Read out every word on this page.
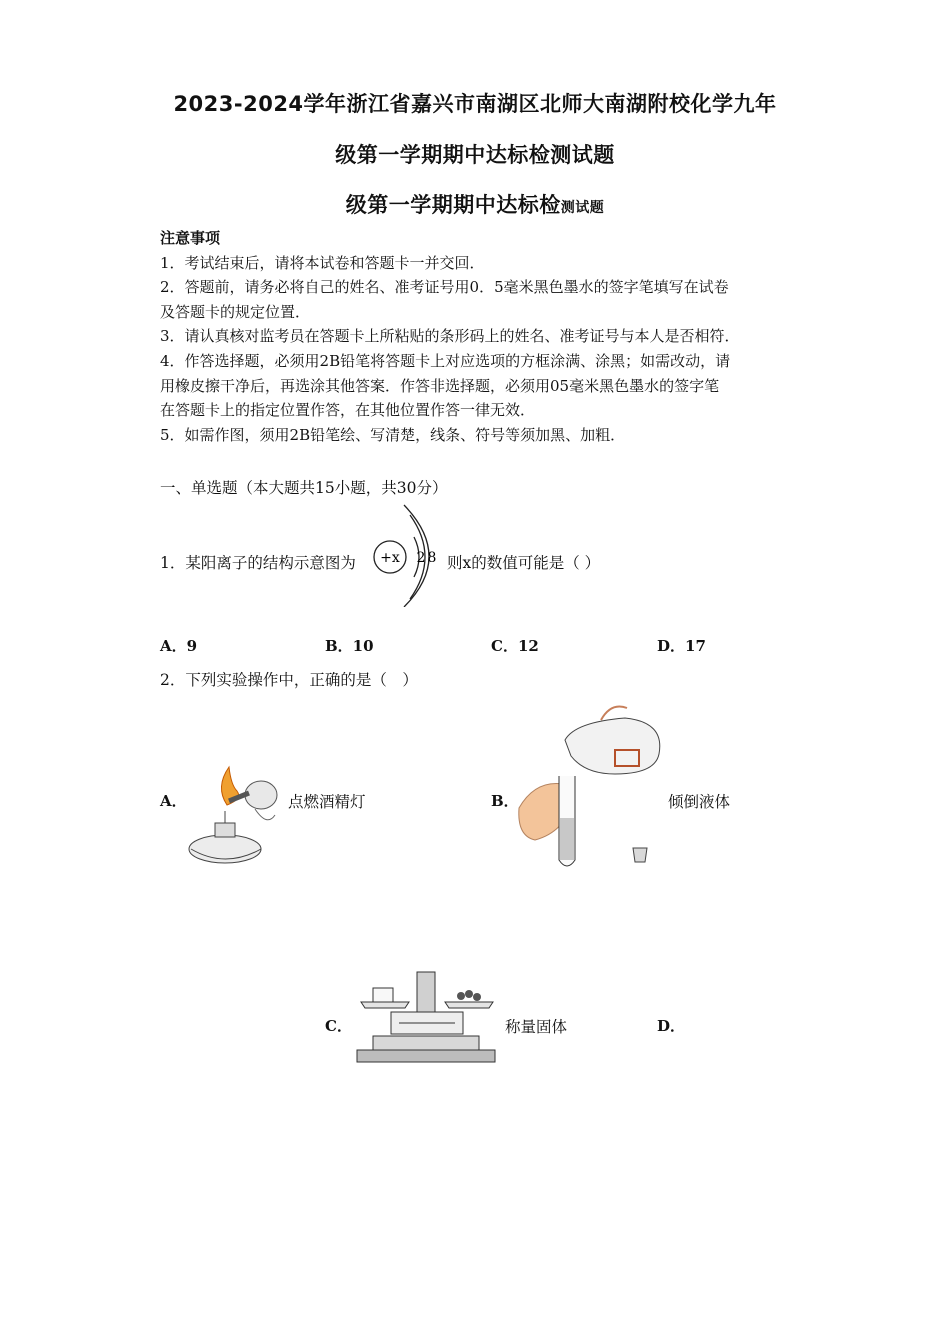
2023-2024学年浙江省嘉兴市南湖区北师大南湖附校化学九年
级第一学期期中达标检测试题
级第一学期期中达标检测试题
注意事项
1．考试结束后，请将本试卷和答题卡一并交回．
2．答题前，请务必将自己的姓名、准考证号用0．5毫米黑色墨水的签字笔填写在试卷
及答题卡的规定位置．
3．请认真核对监考员在答题卡上所粘贴的条形码上的姓名、准考证号与本人是否相符．
4．作答选择题，必须用2B铅笔将答题卡上对应选项的方框涂满、涂黑；如需改动，请
用橡皮擦干净后，再选涂其他答案．作答非选择题，必须用05毫米黑色墨水的签字笔
在答题卡上的指定位置作答，在其他位置作答一律无效．
5．如需作图，须用2B铅笔绘、写清楚，线条、符号等须加黑、加粗．
一、单选题（本大题共15小题，共30分）
1．某阳离子的结构示意图为 +x 2 8 则x的数值可能是（ ）
A．9	B．10	C．12	D．17
2．下列实验操作中，正确的是（　）
A．	点燃酒精灯	B．	倾倒液体
C．	称量固体	D．
